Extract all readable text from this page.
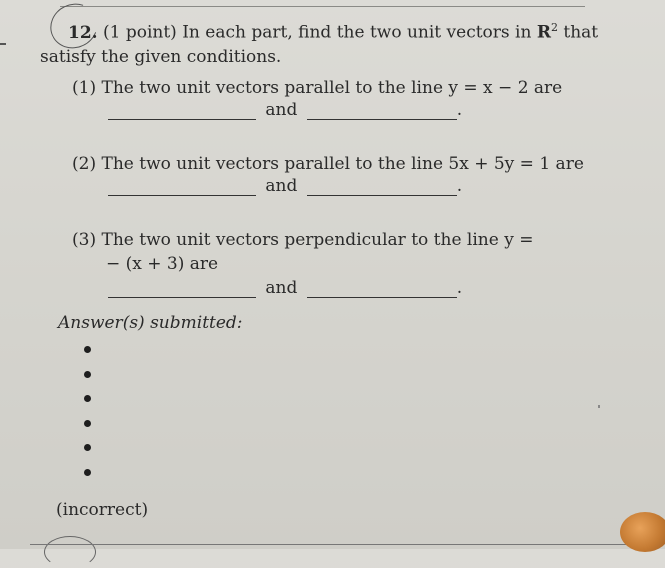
12. (1 point) In each part, find the two unit vectors in $R^2$ that
satisfy the given conditions.
(1) The two unit vectors parallel to the line y = x − 2 are
and	.
(2) The two unit vectors parallel to the line 5x + 5y = 1 are
and	.
(3) The two unit vectors perpendicular to the line y =
− (x + 3) are
and	.
Answer(s) submitted:
(incorrect)
